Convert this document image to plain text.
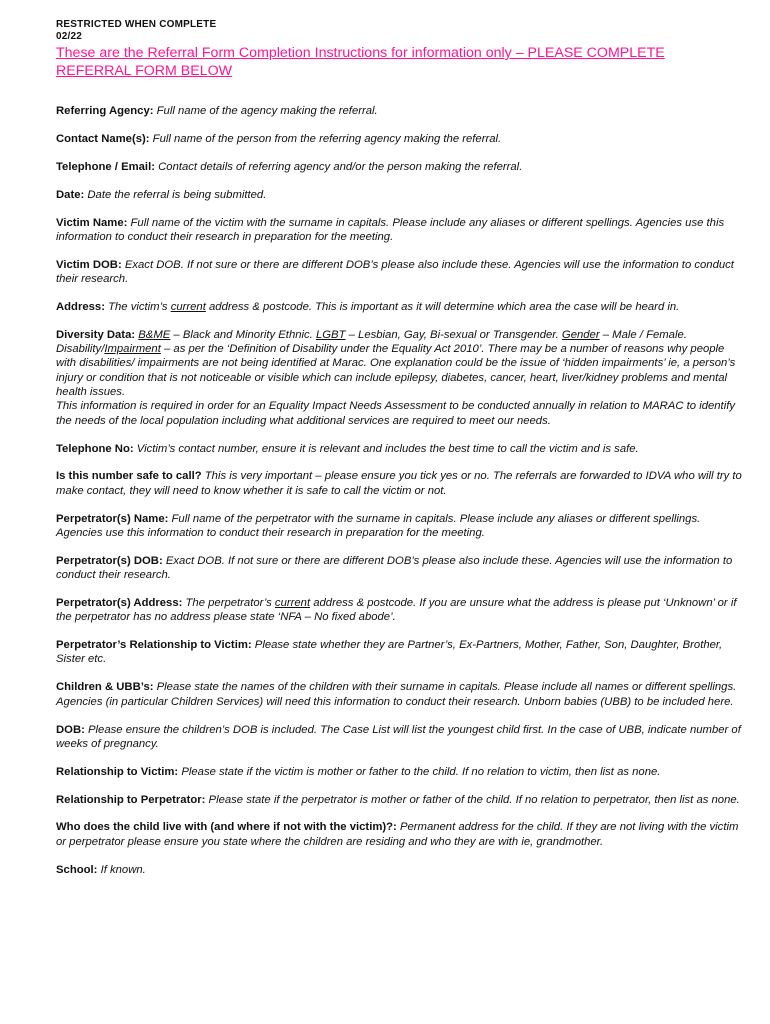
RESTRICTED WHEN COMPLETE
02/22
These are the Referral Form Completion Instructions for information only – PLEASE COMPLETE REFERRAL FORM BELOW
Referring Agency: Full name of the agency making the referral.
Contact Name(s): Full name of the person from the referring agency making the referral.
Telephone / Email: Contact details of referring agency and/or the person making the referral.
Date: Date the referral is being submitted.
Victim Name: Full name of the victim with the surname in capitals. Please include any aliases or different spellings. Agencies use this information to conduct their research in preparation for the meeting.
Victim DOB: Exact DOB. If not sure or there are different DOB’s please also include these. Agencies will use the information to conduct their research.
Address: The victim’s current address & postcode. This is important as it will determine which area the case will be heard in.
Diversity Data: B&ME – Black and Minority Ethnic. LGBT – Lesbian, Gay, Bi-sexual or Transgender. Gender – Male / Female. Disability/Impairment – as per the ‘Definition of Disability under the Equality Act 2010’. There may be a number of reasons why people with disabilities/ impairments are not being identified at Marac. One explanation could be the issue of ‘hidden impairments’ ie, a person’s injury or condition that is not noticeable or visible which can include epilepsy, diabetes, cancer, heart, liver/kidney problems and mental health issues.
This information is required in order for an Equality Impact Needs Assessment to be conducted annually in relation to MARAC to identify the needs of the local population including what additional services are required to meet our needs.
Telephone No: Victim’s contact number, ensure it is relevant and includes the best time to call the victim and is safe.
Is this number safe to call? This is very important – please ensure you tick yes or no. The referrals are forwarded to IDVA who will try to make contact, they will need to know whether it is safe to call the victim or not.
Perpetrator(s) Name: Full name of the perpetrator with the surname in capitals. Please include any aliases or different spellings. Agencies use this information to conduct their research in preparation for the meeting.
Perpetrator(s) DOB: Exact DOB. If not sure or there are different DOB’s please also include these. Agencies will use the information to conduct their research.
Perpetrator(s) Address: The perpetrator’s current address & postcode. If you are unsure what the address is please put ‘Unknown’ or if the perpetrator has no address please state ‘NFA – No fixed abode’.
Perpetrator’s Relationship to Victim: Please state whether they are Partner’s, Ex-Partners, Mother, Father, Son, Daughter, Brother, Sister etc.
Children & UBB’s: Please state the names of the children with their surname in capitals. Please include all names or different spellings. Agencies (in particular Children Services) will need this information to conduct their research. Unborn babies (UBB) to be included here.
DOB: Please ensure the children’s DOB is included. The Case List will list the youngest child first. In the case of UBB, indicate number of weeks of pregnancy.
Relationship to Victim: Please state if the victim is mother or father to the child. If no relation to victim, then list as none.
Relationship to Perpetrator: Please state if the perpetrator is mother or father of the child. If no relation to perpetrator, then list as none.
Who does the child live with (and where if not with the victim)?: Permanent address for the child. If they are not living with the victim or perpetrator please ensure you state where the children are residing and who they are with ie, grandmother.
School: If known.
